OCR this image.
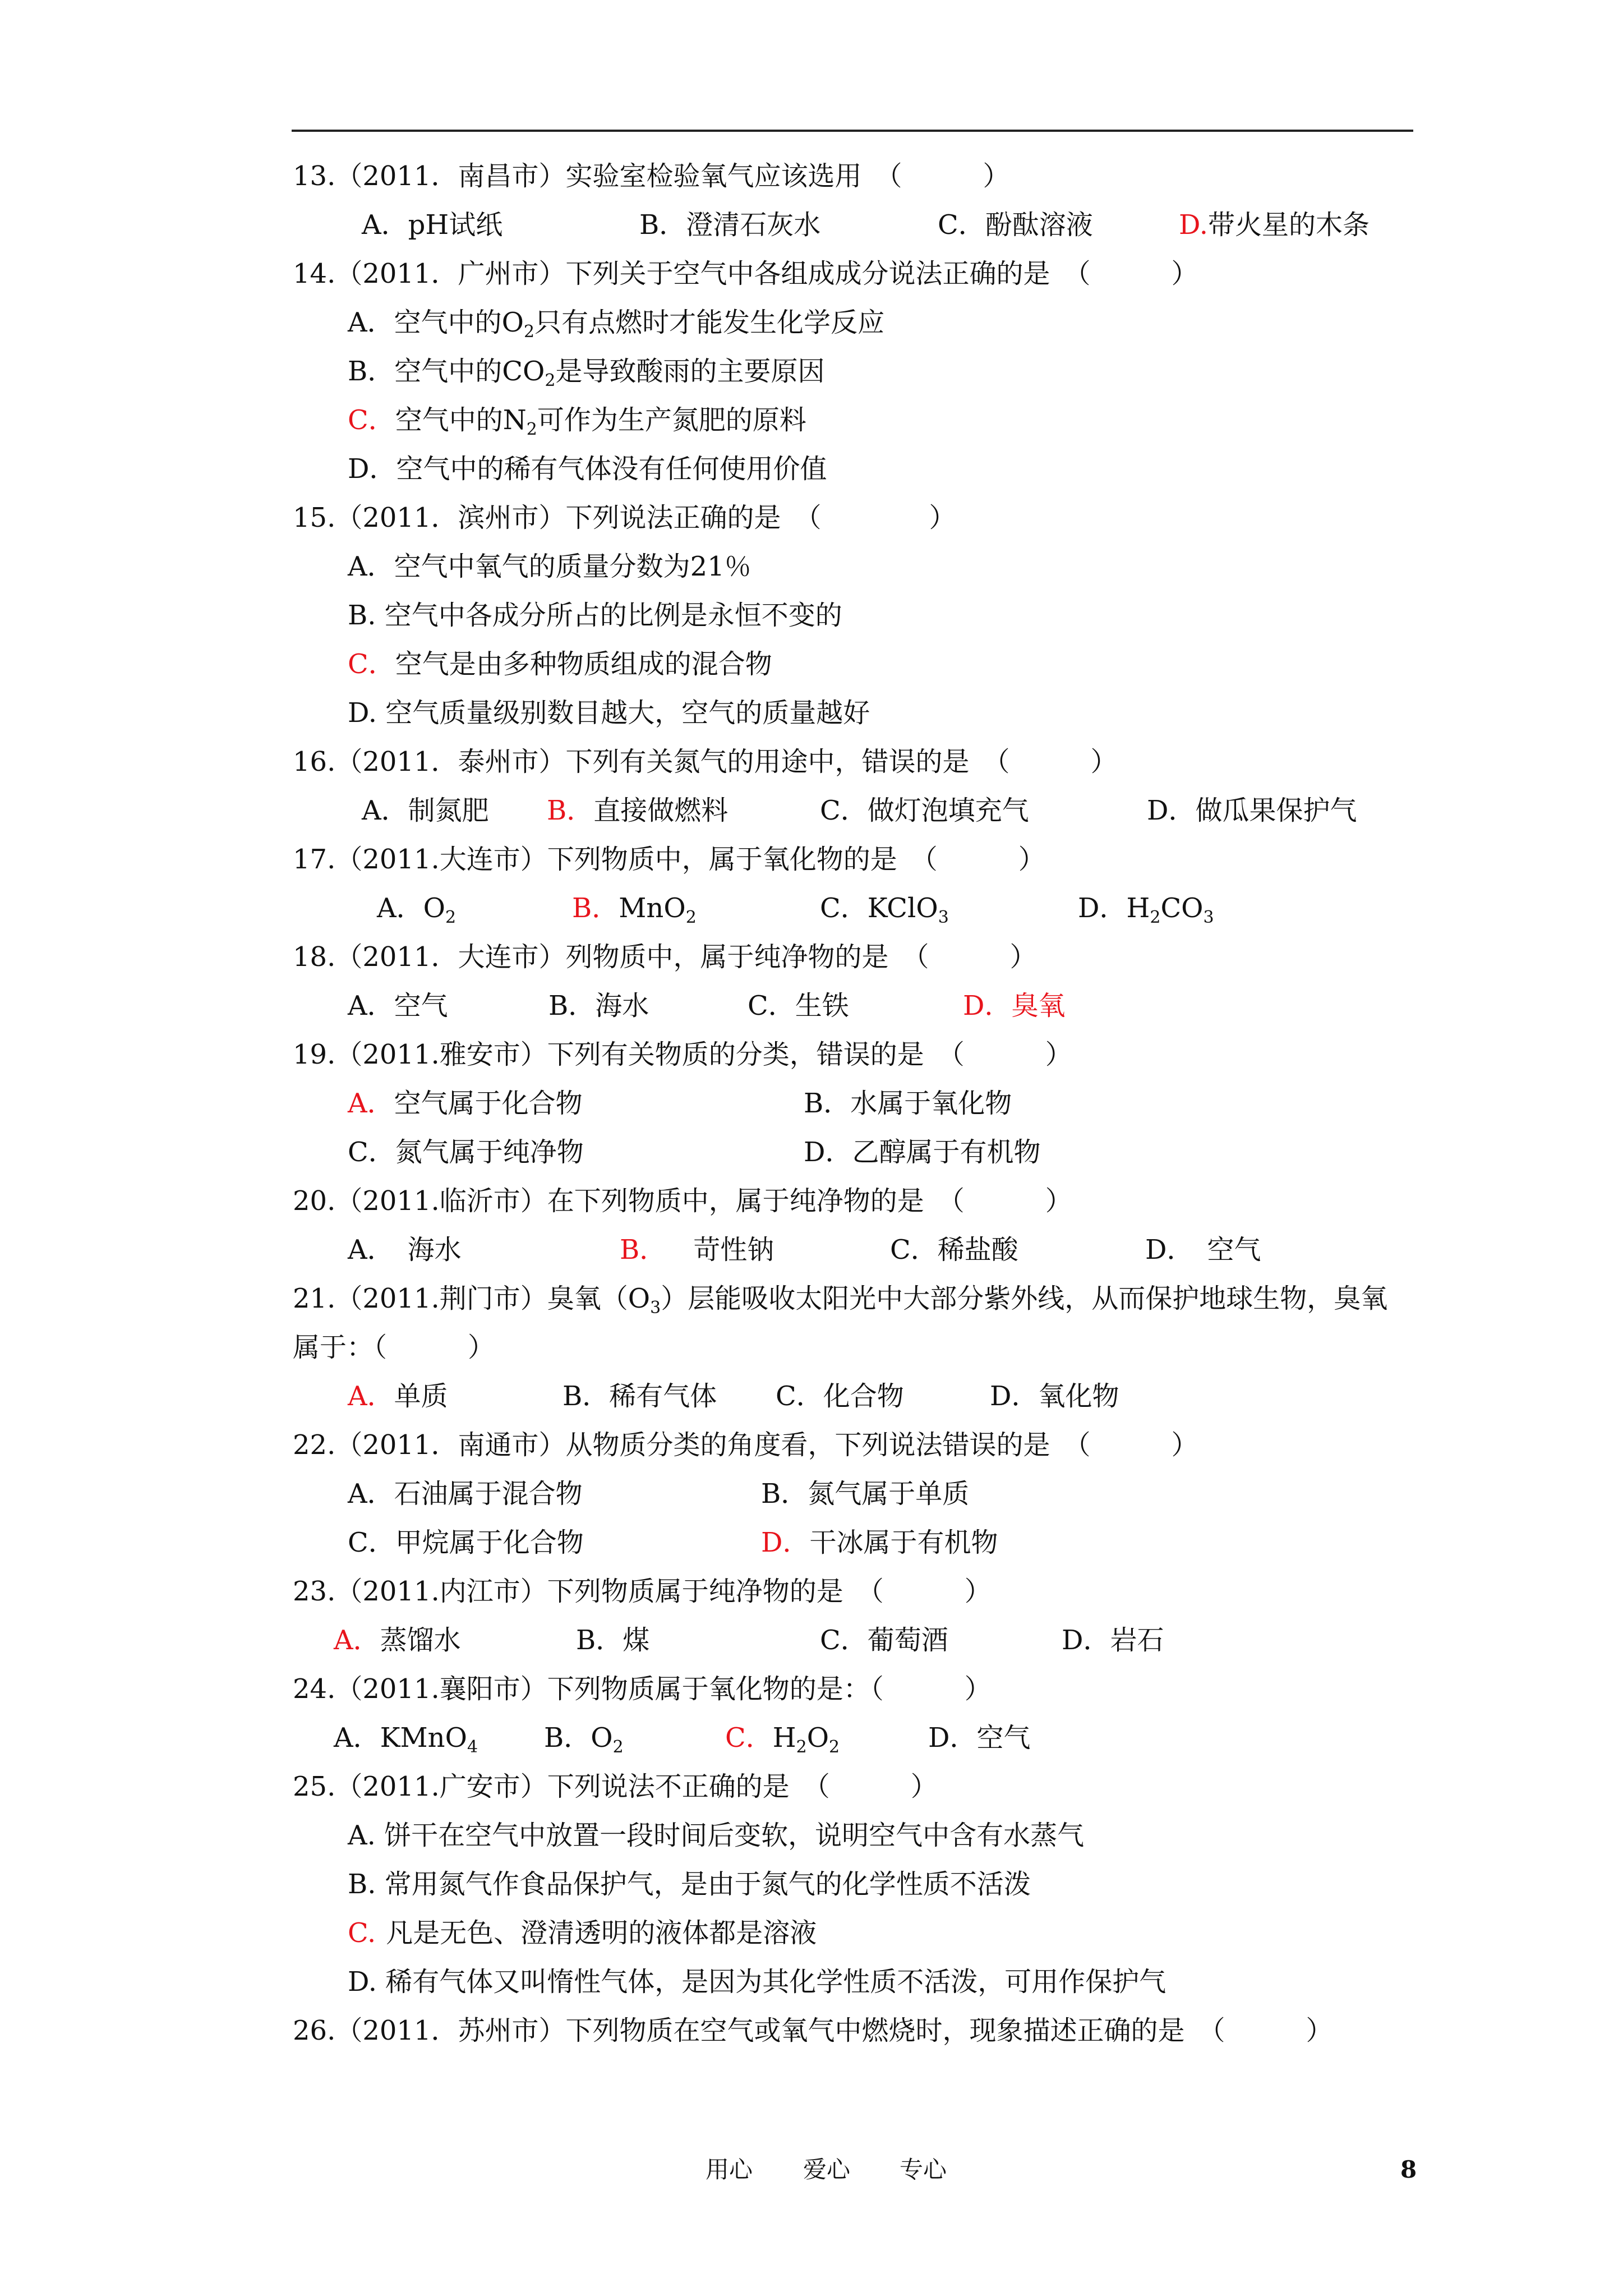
13.（2011．南昌市）实验室检验氧气应该选用　（　　　）
A．pH试纸	B．澄清石灰水	C．酚酞溶液	D.带火星的木条
14.（2011．广州市）下列关于空气中各组成成分说法正确的是　（　　　）
A．空气中的$O_2$只有点燃时才能发生化学反应
B．空气中的$CO_2$是导致酸雨的主要原因
C．空气中的$N_2$可作为生产氮肥的原料
D．空气中的稀有气体没有任何使用价值
15.（2011．滨州市）下列说法正确的是　（　　　　）
A．空气中氧气的质量分数为21％
B. 空气中各成分所占的比例是永恒不变的
C．空气是由多种物质组成的混合物
D. 空气质量级别数目越大，空气的质量越好
16.（2011．泰州市）下列有关氮气的用途中，错误的是　（　　　）
A．制氮肥 B．直接做燃料	C．做灯泡填充气	D．做瓜果保护气
17.（2011.大连市）下列物质中，属于氧化物的是　（　　　）
A．$O_2$	B．MnO$_2$	C．KClO$_3$	D．$H_2CO_3$
18.（2011．大连市）列物质中，属于纯净物的是　（　　　）
A．空气	B．海水	C．生铁	D．臭氧
19.（2011.雅安市）下列有关物质的分类，错误的是　（　　　）
A．空气属于化合物	B．水属于氧化物
C．氮气属于纯净物	D．乙醇属于有机物
20.（2011.临沂市）在下列物质中，属于纯净物的是　（　　　）
A．　海水	B． 苛性钠	C．稀盐酸	D．　空气
21.（2011.荆门市）臭氧$(O_3)$层能吸收太阳光中大部分紫外线，从而保护地球生物，臭氧
属于：（　　　）
A．单质	B．稀有气体 C．化合物	D．氧化物
22.（2011．南通市）从物质分类的角度看，下列说法错误的是　（　　　）
A．石油属于混合物	B．氮气属于单质
C．甲烷属于化合物	D．干冰属于有机物
23.（2011.内江市）下列物质属于纯净物的是　（　　　）
A．蒸馏水	B．煤	C．葡萄酒	D．岩石
24.（2011.襄阳市）下列物质属于氧化物的是：（　　　）
A．KMnO$_4$ B．$O_2$	C．$H_2O_2$	D．空气
25.（2011.广安市）下列说法不正确的是　（　　　）
A. 饼干在空气中放置一段时间后变软，说明空气中含有水蒸气
B. 常用氮气作食品保护气，是由于氮气的化学性质不活泼
C. 凡是无色、澄清透明的液体都是溶液
D. 稀有气体又叫惰性气体，是因为其化学性质不活泼，可用作保护气
26.（2011．苏州市）下列物质在空气或氧气中燃烧时，现象描述正确的是　（　　　）
用心 爱心 专心	8
